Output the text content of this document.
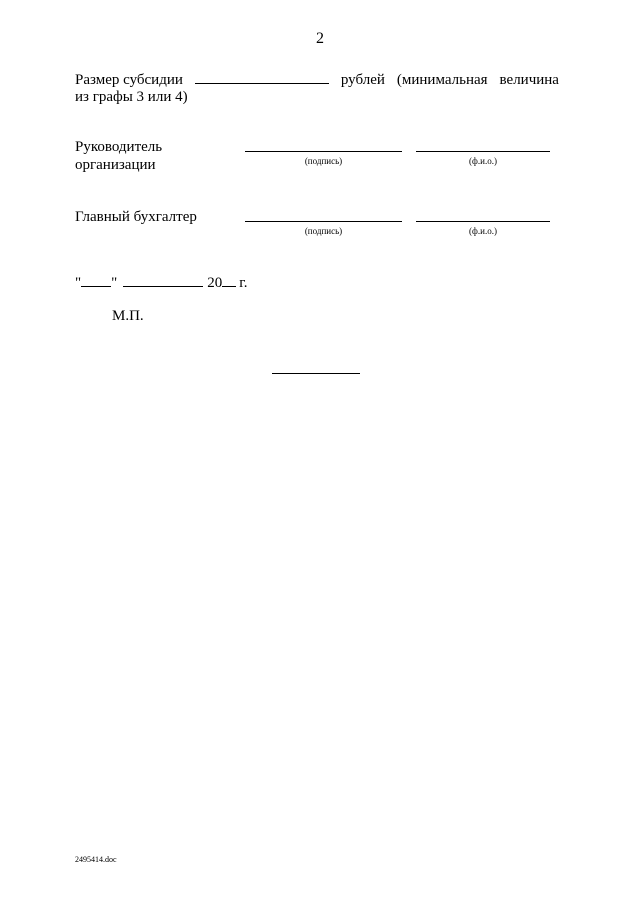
2
Размер субсидии	рублей (минимальная величина
из графы 3 или 4)
Руководитель
организации	(подпись)	(ф.и.о.)
Главный бухгалтер
(подпись)	(ф.и.о.)
" "	20 г.
М.П.
2495414.doc
